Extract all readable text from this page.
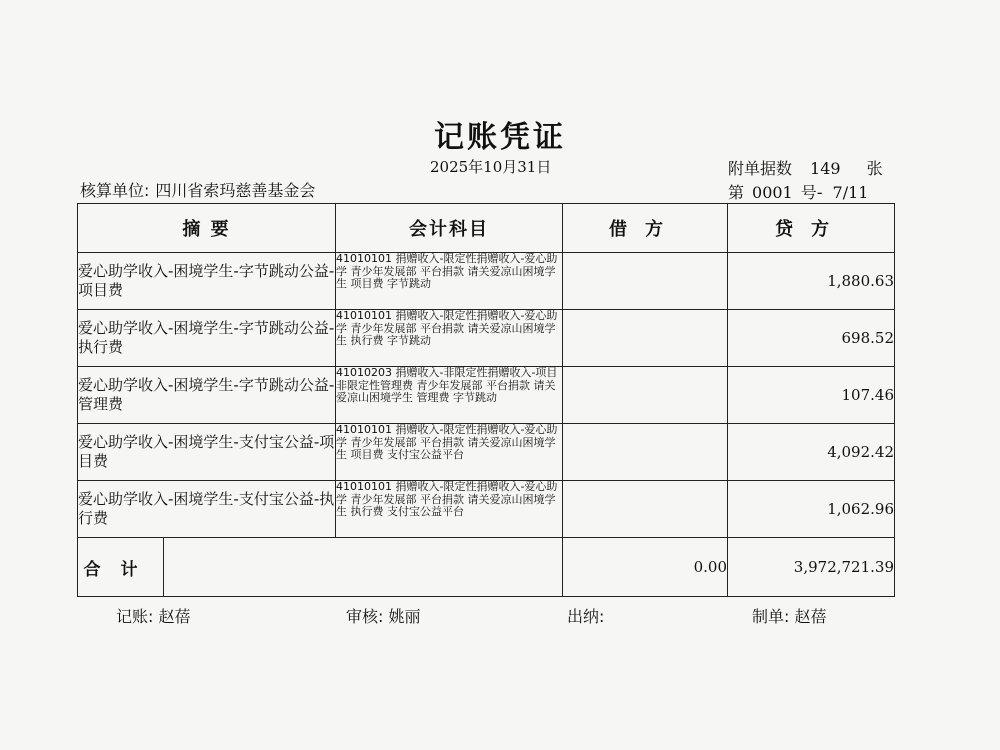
记账凭证
2025年10月31日	附单据数 149 张
核算单位: 四川省索玛慈善基金会	第 0001 号- 7/11
摘 要		会计科目	借方	贷方
爱心助学收入-困境学生-字节跳动公益-项目费		41010101 捐赠收入-限定性捐赠收入-爱心助学 青少年发展部 平台捐款 请关爱凉山困境学生 项目费 字节跳动		1,880.63
爱心助学收入-困境学生-字节跳动公益-执行费		41010101 捐赠收入-限定性捐赠收入-爱心助学 青少年发展部 平台捐款 请关爱凉山困境学生 执行费 字节跳动		698.52
爱心助学收入-困境学生-字节跳动公益-管理费		41010203 捐赠收入-非限定性捐赠收入-项目非限定性管理费 青少年发展部 平台捐款 请关爱凉山困境学生 管理费 字节跳动		107.46
爱心助学收入-困境学生-支付宝公益-项目费		41010101 捐赠收入-限定性捐赠收入-爱心助学 青少年发展部 平台捐款 请关爱凉山困境学生 项目费 支付宝公益平台		4,092.42
爱心助学收入-困境学生-支付宝公益-执行费		41010101 捐赠收入-限定性捐赠收入-爱心助学 青少年发展部 平台捐款 请关爱凉山困境学生 执行费 支付宝公益平台		1,062.96
合计			0.00	3,972,721.39
记账: 赵蓓	审核: 姚丽	出纳:	制单: 赵蓓
